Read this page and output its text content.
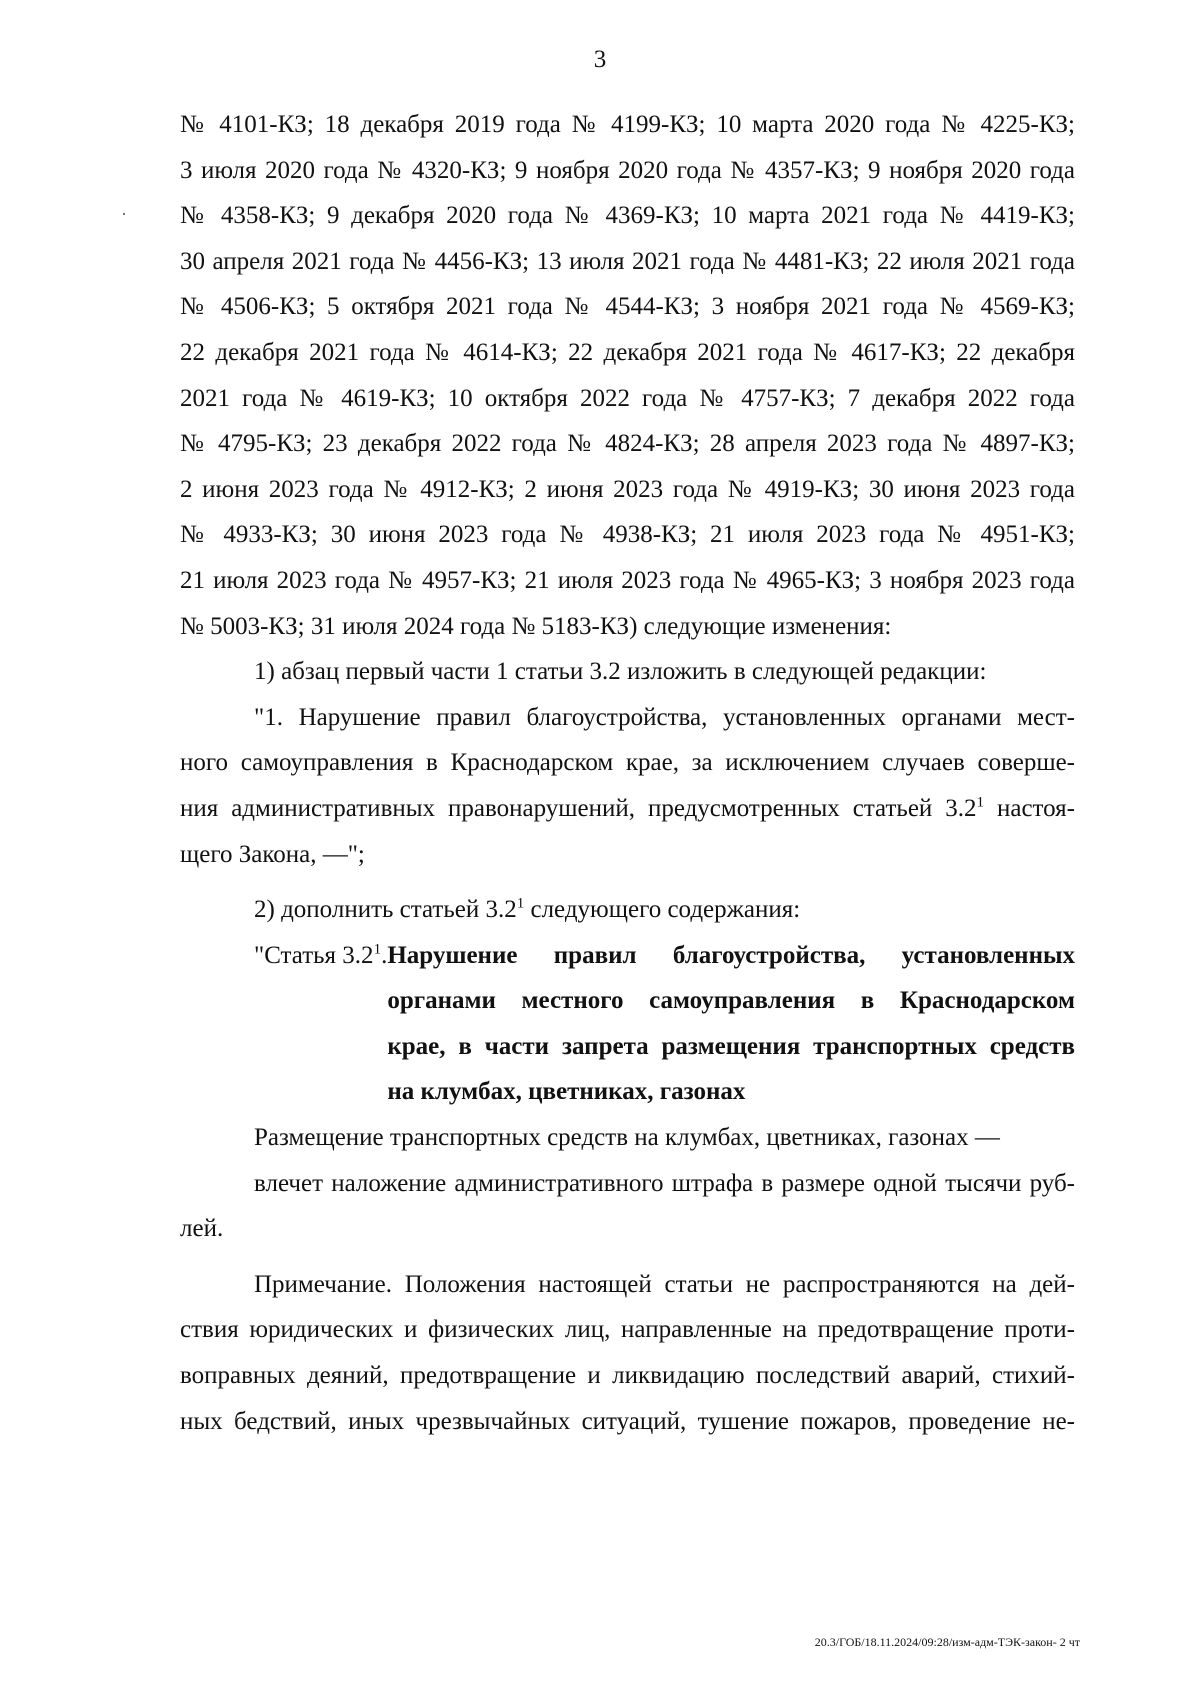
3

№ 4101-КЗ; 18 декабря 2019 года № 4199-КЗ; 10 марта 2020 года № 4225-КЗ;

3 июля 2020 года № 4320-КЗ; 9 ноября 2020 года № 4357-КЗ; 9 ноября 2020 года

№ 4358-КЗ; 9 декабря 2020 года № 4369-КЗ; 10 марта 2021 года № 4419-КЗ;

30 апреля 2021 года № 4456-КЗ; 13 июля 2021 года № 4481-КЗ; 22 июля 2021 года

№ 4506-КЗ; 5 октября 2021 года № 4544-КЗ; 3 ноября 2021 года № 4569-КЗ;

22 декабря 2021 года № 4614-КЗ; 22 декабря 2021 года № 4617-КЗ; 22 декабря

2021 года № 4619-КЗ; 10 октября 2022 года № 4757-КЗ; 7 декабря 2022 года

№ 4795-КЗ; 23 декабря 2022 года № 4824-КЗ; 28 апреля 2023 года № 4897-КЗ;

2 июня 2023 года № 4912-КЗ; 2 июня 2023 года № 4919-КЗ; 30 июня 2023 года

№ 4933-КЗ; 30 июня 2023 года № 4938-КЗ; 21 июля 2023 года № 4951-КЗ;

21 июля 2023 года № 4957-КЗ; 21 июля 2023 года № 4965-КЗ; 3 ноября 2023 года

№ 5003-КЗ; 31 июля 2024 года № 5183-КЗ) следующие изменения:

1) абзац первый части 1 статьи 3.2 изложить в следующей редакции:

"1. Нарушение правил благоустройства, установленных органами мест-

ного самоуправления в Краснодарском крае, за исключением случаев соверше-

ния административных правонарушений, предусмотренных статьей $3.2^1$ настоя-

щего Закона, —";

2) дополнить статьей $3.2^1$ следующего содержания:

"Статья $3.2^1$. Нарушение правил благоустройства, установленных
органами местного самоуправления в Краснодарском
крае, в части запрета размещения транспортных средств
на клумбах, цветниках, газонах

Размещение транспортных средств на клумбах, цветниках, газонах —

влечет наложение административного штрафа в размере одной тысячи руб-

лей.

Примечание. Положения настоящей статьи не распространяются на дей-

ствия юридических и физических лиц, направленные на предотвращение проти-

воправных деяний, предотвращение и ликвидацию последствий аварий, стихий-

ных бедствий, иных чрезвычайных ситуаций, тушение пожаров, проведение не-

20.3/ГОБ/18.11.2024/09:28/изм-адм-ТЭК-закон- 2 чт
